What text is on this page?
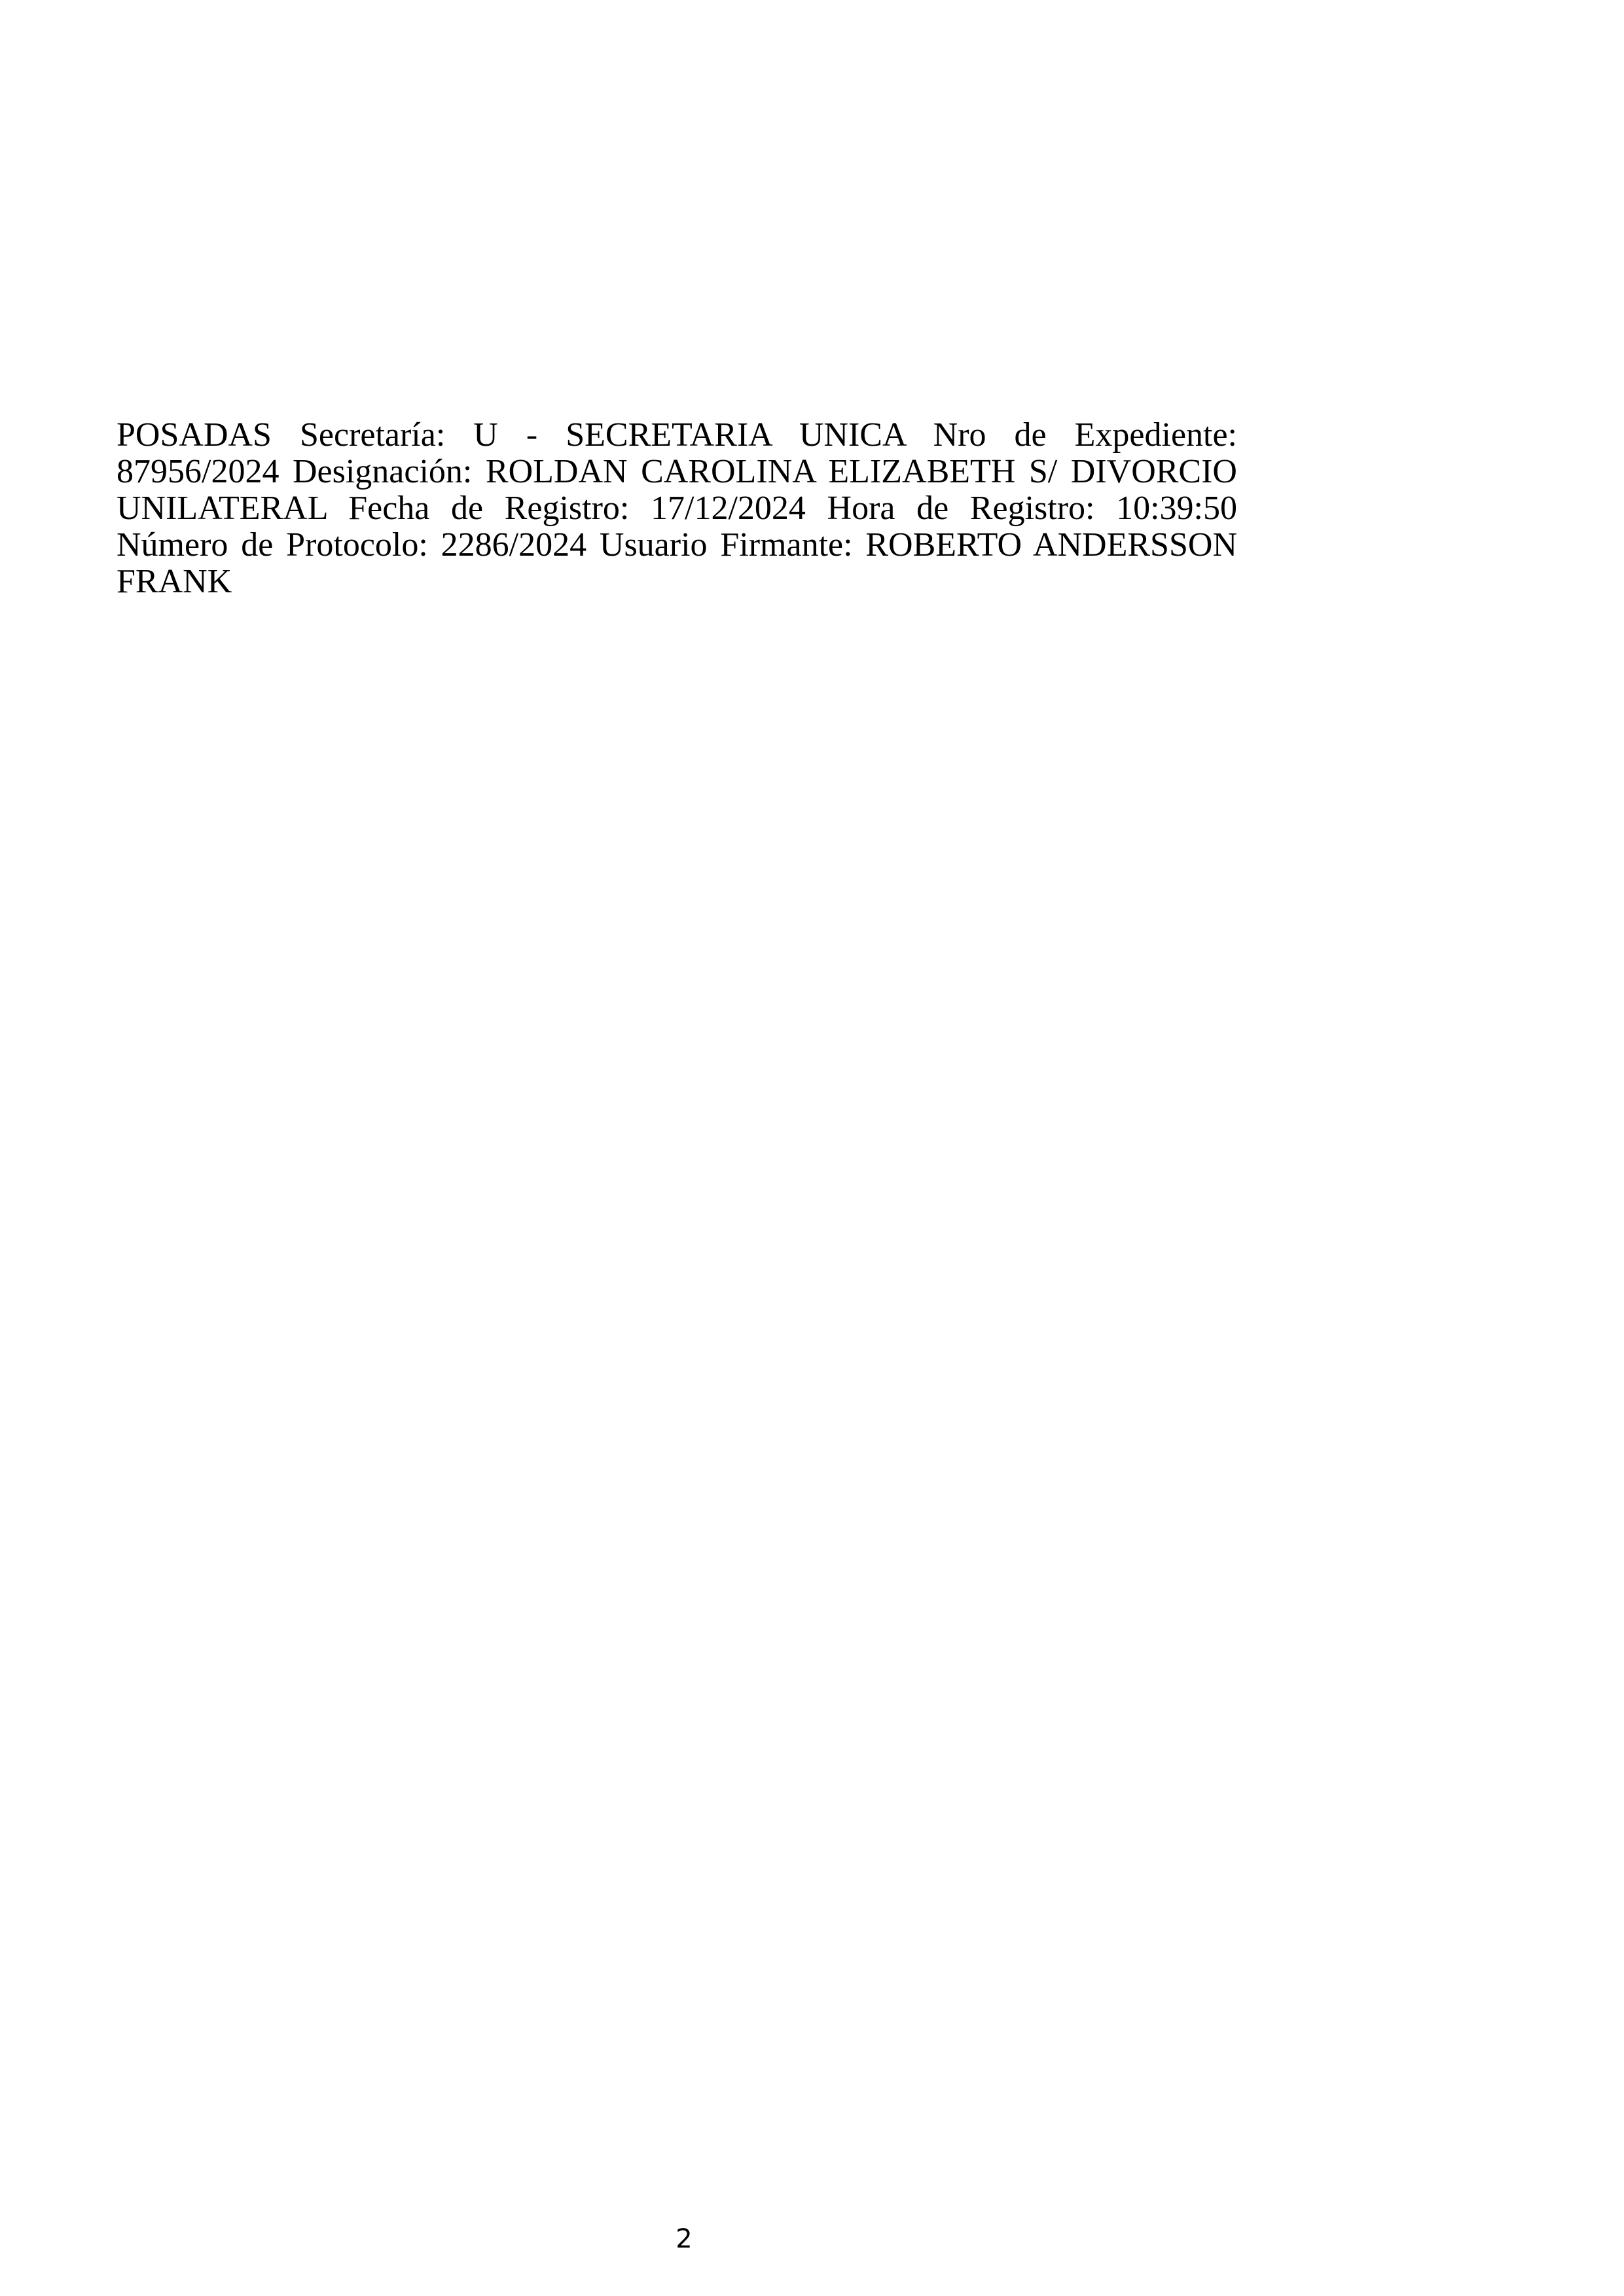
POSADAS Secretaría: U - SECRETARIA UNICA Nro de Expediente: 87956/2024 Designación: ROLDAN CAROLINA ELIZABETH S/ DIVORCIO UNILATERAL Fecha de Registro: 17/12/2024 Hora de Registro: 10:39:50 Número de Protocolo: 2286/2024 Usuario Firmante: ROBERTO ANDERSSON FRANK

2
